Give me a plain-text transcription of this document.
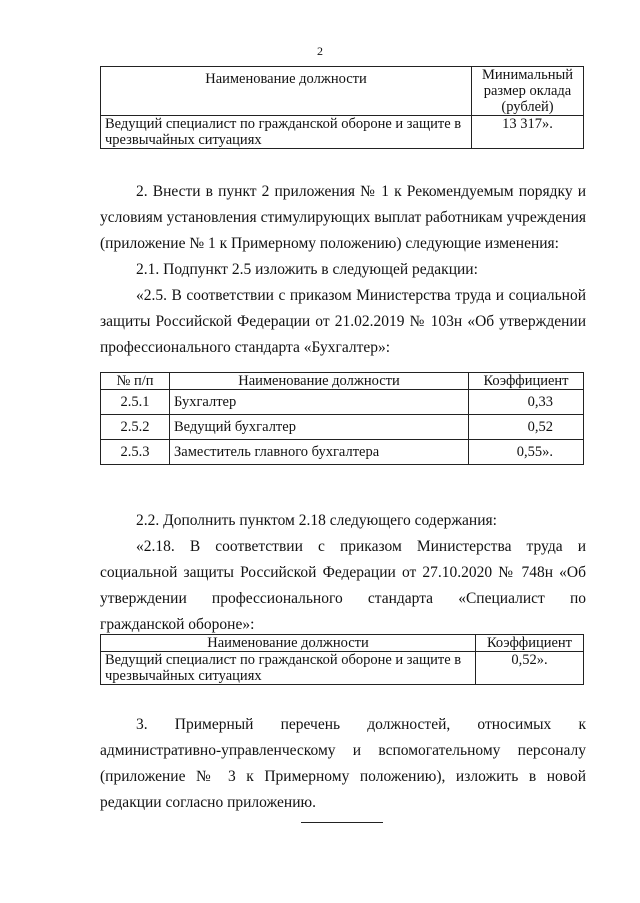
2
Наименование должности	Минимальный размер оклада (рублей)
Ведущий специалист по гражданской обороне и защите в чрезвычайных ситуациях	13 317».

2. Внести в пункт 2 приложения № 1 к Рекомендуемым порядку и условиям установления стимулирующих выплат работникам учреждения (приложение № 1 к Примерному положению) следующие изменения:

2.1. Подпункт 2.5 изложить в следующей редакции:

«2.5. В соответствии с приказом Министерства труда и социальной защиты Российской Федерации от 21.02.2019 № 103н «Об утверждении профессионального стандарта «Бухгалтер»:

№ п/п	Наименование должности	Коэффициент
2.5.1	Бухгалтер	0,33
2.5.2	Ведущий бухгалтер	0,52
2.5.3	Заместитель главного бухгалтера	0,55».

2.2. Дополнить пунктом 2.18 следующего содержания:

«2.18. В соответствии с приказом Министерства труда и социальной защиты Российской Федерации от 27.10.2020 № 748н «Об утверждении профессионального стандарта «Специалист по гражданской обороне»:

Наименование должности	Коэффициент
Ведущий специалист по гражданской обороне и защите в чрезвычайных ситуациях	0,52».

3. Примерный перечень должностей, относимых к административно-управленческому и вспомогательному персоналу (приложение № 3 к Примерному положению), изложить в новой редакции согласно приложению.
